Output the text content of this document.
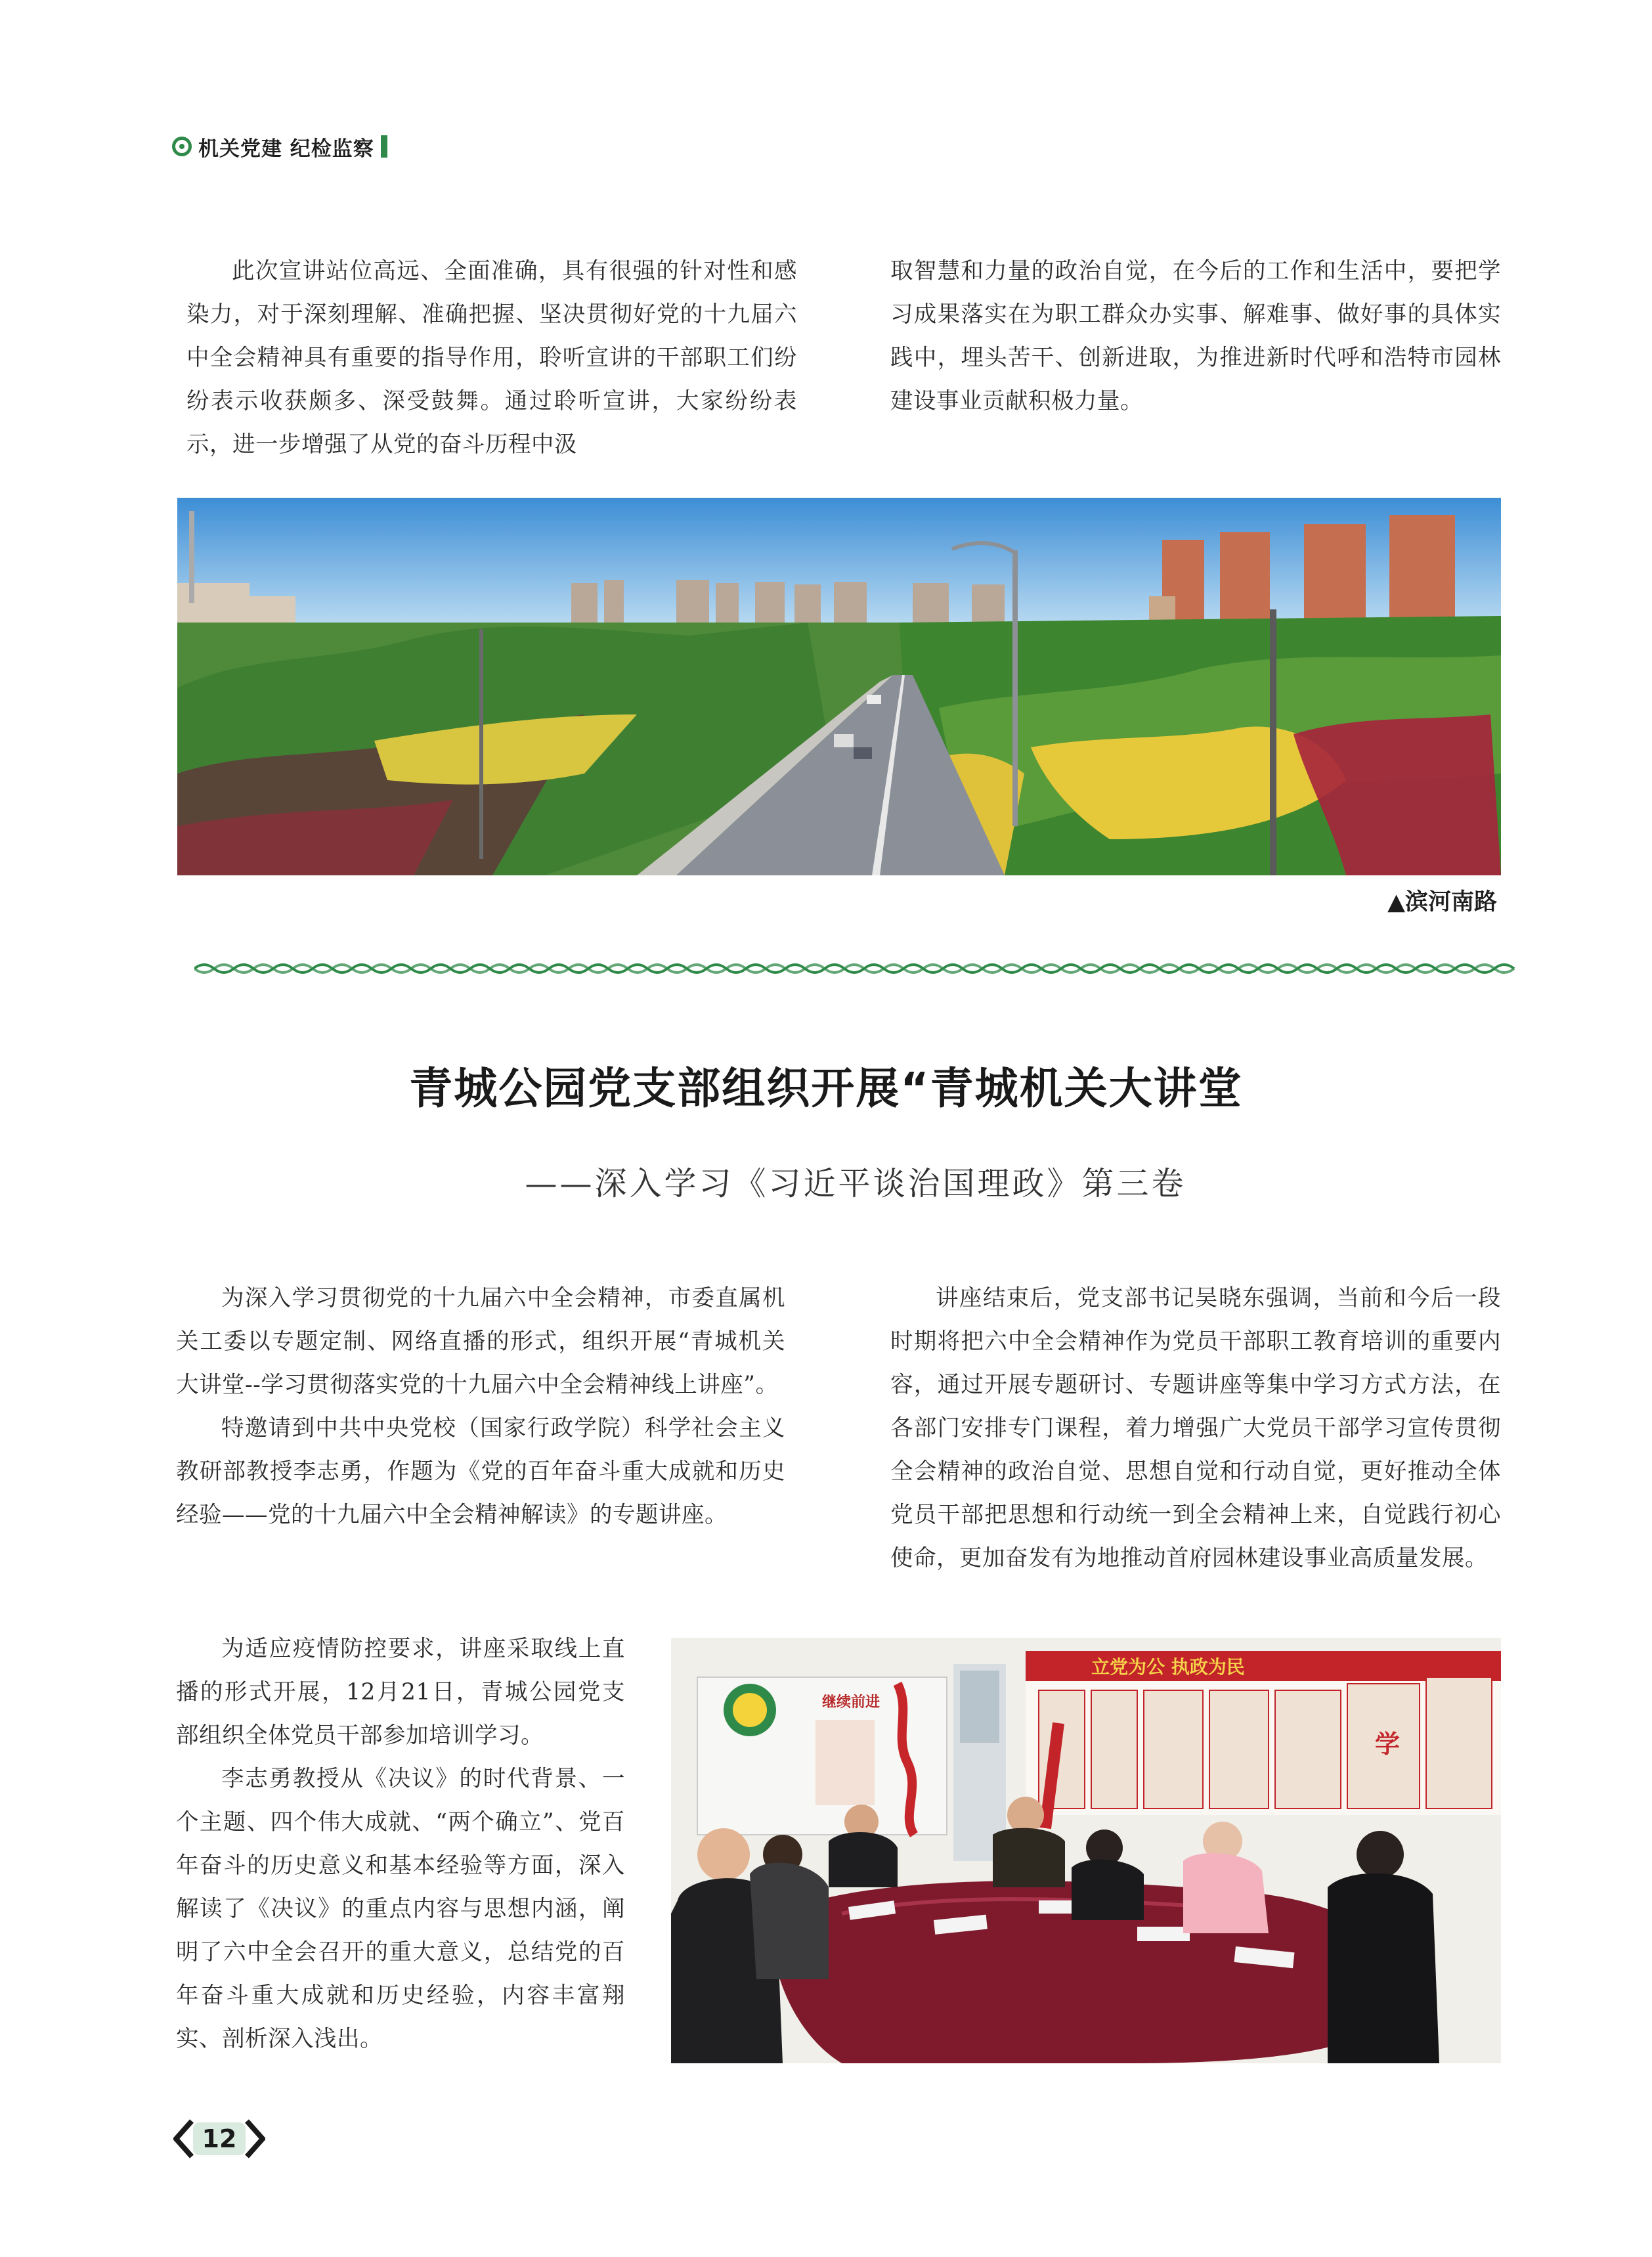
机关党建 纪检监察

此次宣讲站位高远、全面准确，具有很强的针对性和感染力，对于深刻理解、准确把握、坚决贯彻好党的十九届六中全会精神具有重要的指导作用，聆听宣讲的干部职工们纷纷表示收获颇多、深受鼓舞。通过聆听宣讲，大家纷纷表示，进一步增强了从党的奋斗历程中汲

取智慧和力量的政治自觉，在今后的工作和生活中，要把学习成果落实在为职工群众办实事、解难事、做好事的具体实践中，埋头苦干、创新进取，为推进新时代呼和浩特市园林建设事业贡献积极力量。

▲滨河南路
青城公园党支部组织开展“青城机关大讲堂
——深入学习《习近平谈治国理政》第三卷

为深入学习贯彻党的十九届六中全会精神，市委直属机关工委以专题定制、网络直播的形式，组织开展“青城机关大讲堂--学习贯彻落实党的十九届六中全会精神线上讲座”。

特邀请到中共中央党校（国家行政学院）科学社会主义教研部教授李志勇，作题为《党的百年奋斗重大成就和历史经验——党的十九届六中全会精神解读》的专题讲座。

为适应疫情防控要求，讲座采取线上直播的形式开展，12月21日，青城公园党支部组织全体党员干部参加培训学习。

李志勇教授从《决议》的时代背景、一个主题、四个伟大成就、“两个确立”、党百年奋斗的历史意义和基本经验等方面，深入解读了《决议》的重点内容与思想内涵，阐明了六中全会召开的重大意义，总结党的百年奋斗重大成就和历史经验，内容丰富翔实、剖析深入浅出。

讲座结束后，党支部书记吴晓东强调，当前和今后一段时期将把六中全会精神作为党员干部职工教育培训的重要内容，通过开展专题研讨、专题讲座等集中学习方式方法，在各部门安排专门课程，着力增强广大党员干部学习宣传贯彻全会精神的政治自觉、思想自觉和行动自觉，更好推动全体党员干部把思想和行动统一到全会精神上来，自觉践行初心使命，更加奋发有为地推动首府园林建设事业高质量发展。

继续前进
立党为公 执政为民
学
12
